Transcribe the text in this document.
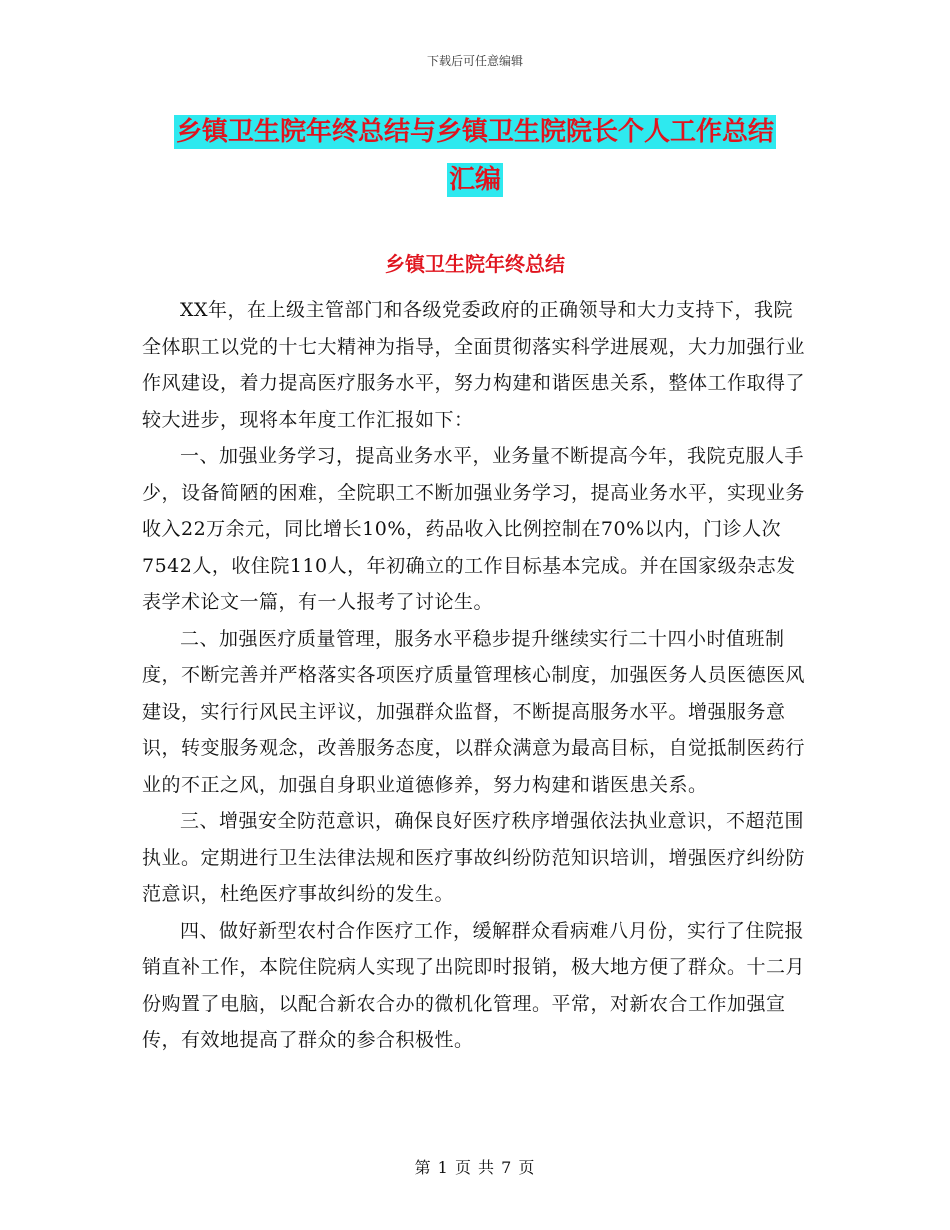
下载后可任意编辑
乡镇卫生院年终总结与乡镇卫生院院长个人工作总结
汇编
乡镇卫生院年终总结

XX年，在上级主管部门和各级党委政府的正确领导和大力支持下，我院全体职工以党的十七大精神为指导，全面贯彻落实科学进展观，大力加强行业作风建设，着力提高医疗服务水平，努力构建和谐医患关系，整体工作取得了较大进步，现将本年度工作汇报如下：

一、加强业务学习，提高业务水平，业务量不断提高今年，我院克服人手少，设备简陋的困难，全院职工不断加强业务学习，提高业务水平，实现业务收入22万余元，同比增长10%，药品收入比例控制在70%以内，门诊人次7542人，收住院110人，年初确立的工作目标基本完成。并在国家级杂志发表学术论文一篇，有一人报考了讨论生。

二、加强医疗质量管理，服务水平稳步提升继续实行二十四小时值班制度，不断完善并严格落实各项医疗质量管理核心制度，加强医务人员医德医风建设，实行行风民主评议，加强群众监督，不断提高服务水平。增强服务意识，转变服务观念，改善服务态度，以群众满意为最高目标，自觉抵制医药行业的不正之风，加强自身职业道德修养，努力构建和谐医患关系。

三、增强安全防范意识，确保良好医疗秩序增强依法执业意识，不超范围执业。定期进行卫生法律法规和医疗事故纠纷防范知识培训，增强医疗纠纷防范意识，杜绝医疗事故纠纷的发生。

四、做好新型农村合作医疗工作，缓解群众看病难八月份，实行了住院报销直补工作，本院住院病人实现了出院即时报销，极大地方便了群众。十二月份购置了电脑，以配合新农合办的微机化管理。平常，对新农合工作加强宣传，有效地提高了群众的参合积极性。

第 1 页 共 7 页
